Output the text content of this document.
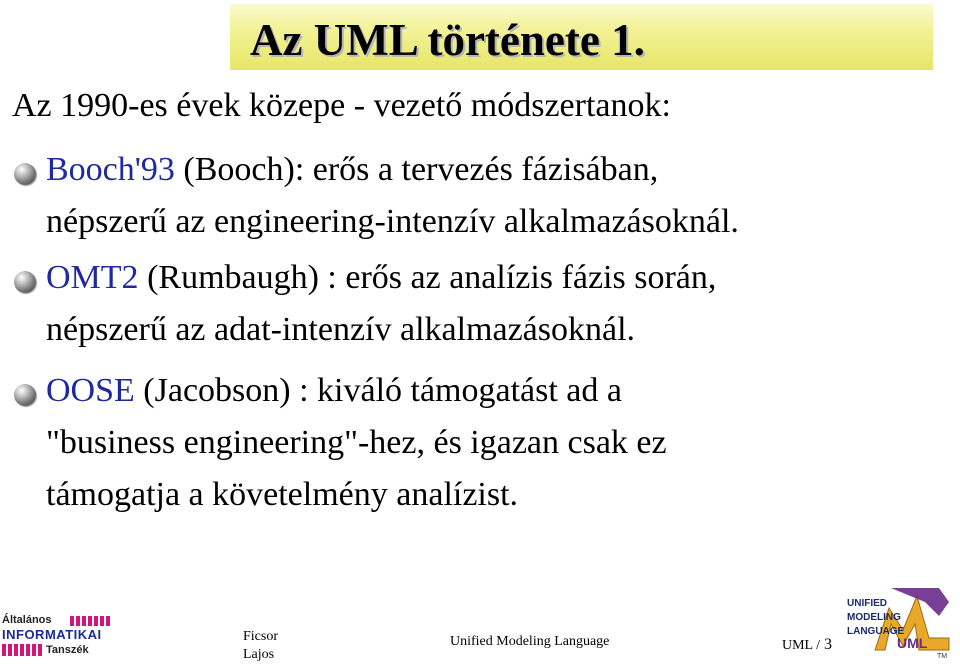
Az UML története 1.

Az 1990-es évek közepe - vezető módszertanok:

Booch'93 (Booch): erős a tervezés fázisában,

népszerű az engineering-intenzív alkalmazásoknál.

OMT2 (Rumbaugh) : erős az analízis fázis során,

népszerű az adat-intenzív alkalmazásoknál.

OOSE (Jacobson) : kiváló támogatást ad a

"business engineering"-hez, és igazan csak ez

támogatja a követelmény analízist.

Általános
INFORMATIKAI
Tanszék

Ficsor
Lajos

Unified Modeling Language	UML / 3

UNIFIED
MODELING
LANGUAGE
UML
TM
